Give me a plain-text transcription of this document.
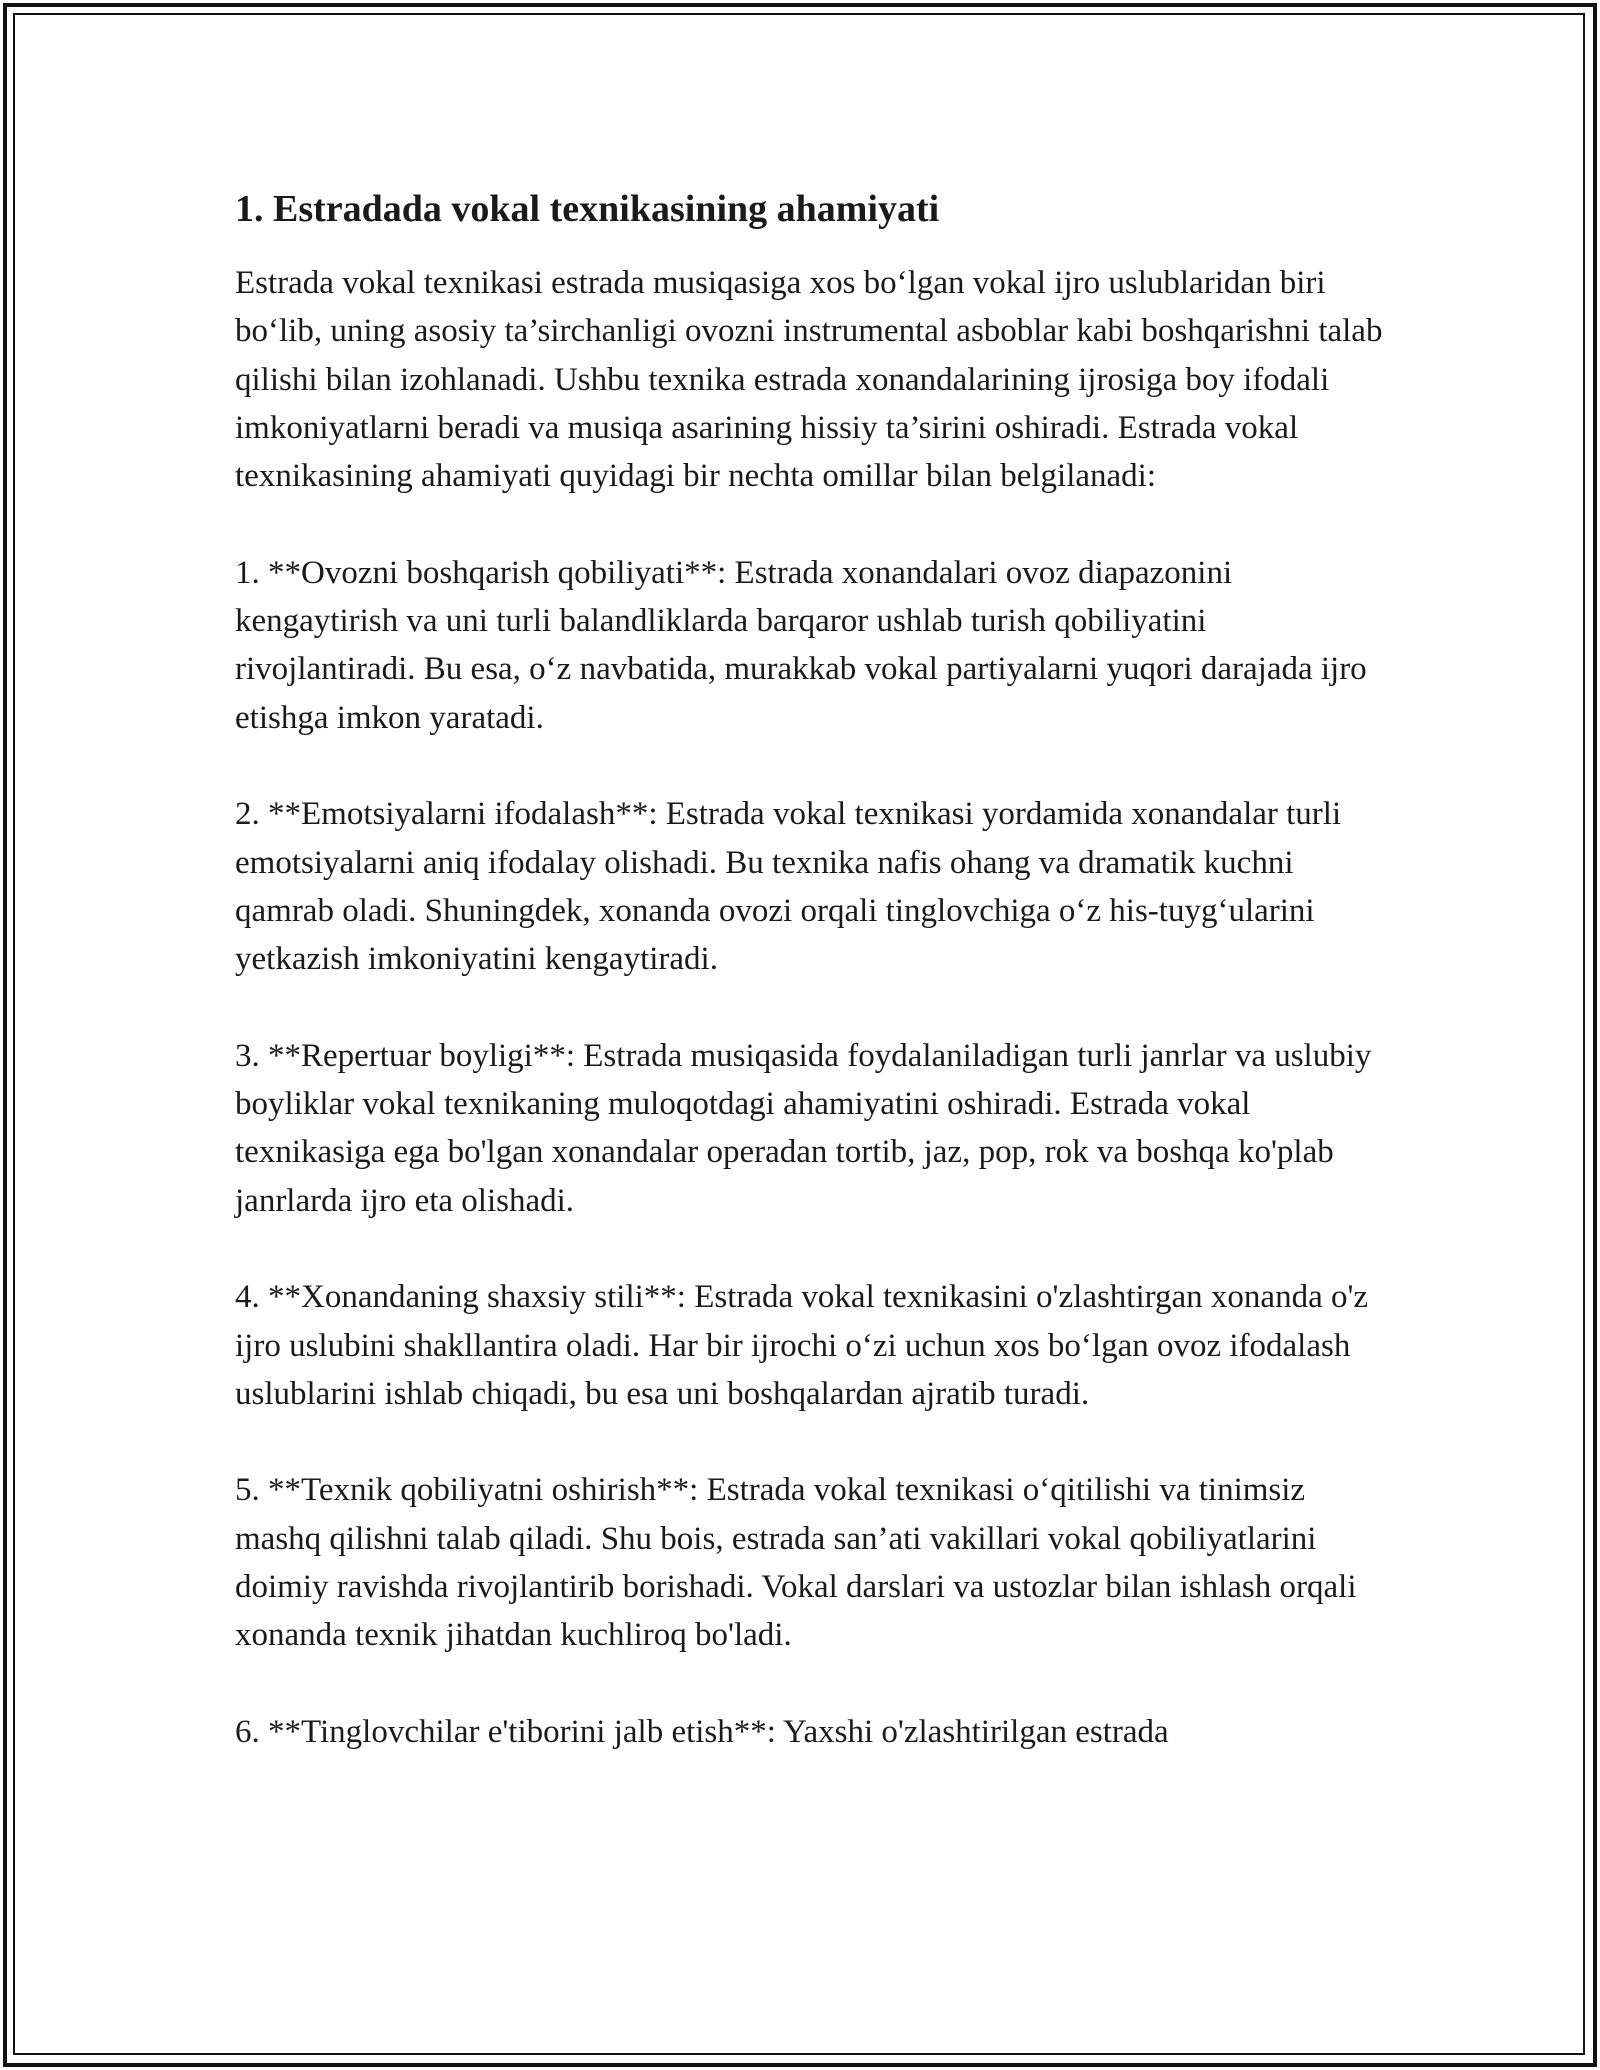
1. Estradada vokal texnikasining ahamiyati

Estrada vokal texnikasi estrada musiqasiga xos bo‘lgan vokal ijro uslublaridan biri bo‘lib, uning asosiy ta’sirchanligi ovozni instrumental asboblar kabi boshqarishni talab qilishi bilan izohlanadi. Ushbu texnika estrada xonandalarining ijrosiga boy ifodali imkoniyatlarni beradi va musiqa asarining hissiy ta’sirini oshiradi. Estrada vokal texnikasining ahamiyati quyidagi bir nechta omillar bilan belgilanadi:

1. **Ovozni boshqarish qobiliyati**: Estrada xonandalari ovoz diapazonini kengaytirish va uni turli balandliklarda barqaror ushlab turish qobiliyatini rivojlantiradi. Bu esa, o‘z navbatida, murakkab vokal partiyalarni yuqori darajada ijro etishga imkon yaratadi.

2. **Emotsiyalarni ifodalash**: Estrada vokal texnikasi yordamida xonandalar turli emotsiyalarni aniq ifodalay olishadi. Bu texnika nafis ohang va dramatik kuchni qamrab oladi. Shuningdek, xonanda ovozi orqali tinglovchiga o‘z his-tuyg‘ularini yetkazish imkoniyatini kengaytiradi.

3. **Repertuar boyligi**: Estrada musiqasida foydalaniladigan turli janrlar va uslubiy boyliklar vokal texnikaning muloqotdagi ahamiyatini oshiradi. Estrada vokal texnikasiga ega bo'lgan xonandalar operadan tortib, jaz, pop, rok va boshqa ko'plab janrlarda ijro eta olishadi.

4. **Xonandaning shaxsiy stili**: Estrada vokal texnikasini o'zlashtirgan xonanda o'z ijro uslubini shakllantira oladi. Har bir ijrochi o‘zi uchun xos bo‘lgan ovoz ifodalash uslublarini ishlab chiqadi, bu esa uni boshqalardan ajratib turadi.

5. **Texnik qobiliyatni oshirish**: Estrada vokal texnikasi o‘qitilishi va tinimsiz mashq qilishni talab qiladi. Shu bois, estrada san’ati vakillari vokal qobiliyatlarini doimiy ravishda rivojlantirib borishadi. Vokal darslari va ustozlar bilan ishlash orqali xonanda texnik jihatdan kuchliroq bo'ladi.

6. **Tinglovchilar e'tiborini jalb etish**: Yaxshi o'zlashtirilgan estrada
